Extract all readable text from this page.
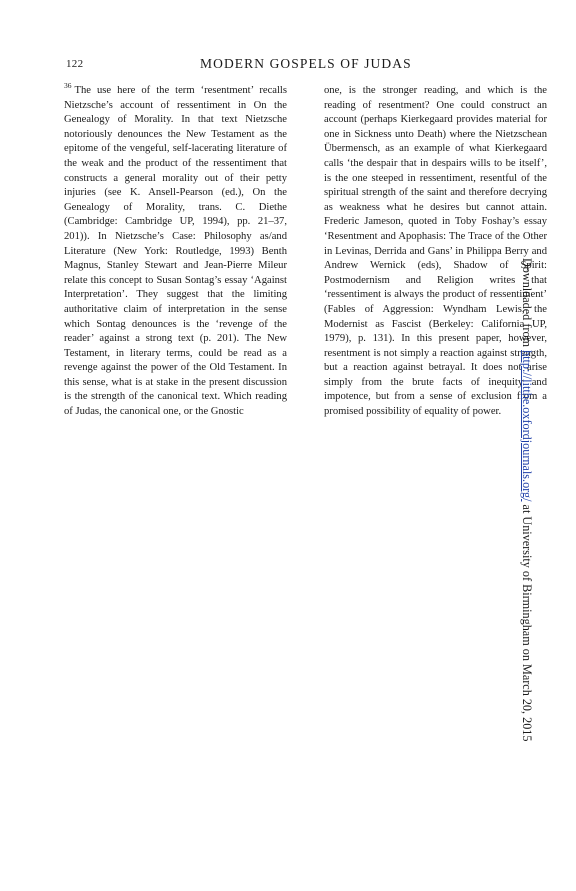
122	MODERN GOSPELS OF JUDAS

$^{36}$ The use here of the term ‘resentment’ recalls Nietzsche’s account of ressentiment in On the Genealogy of Morality. In that text Nietzsche notoriously denounces the New Testament as the epitome of the vengeful, self-lacerating literature of the weak and the product of the ressentiment that constructs a general morality out of their petty injuries (see K. Ansell-Pearson (ed.), On the Genealogy of Morality, trans. C. Diethe (Cambridge: Cambridge UP, 1994), pp. 21–37, 201)). In Nietzsche’s Case: Philosophy as/and Literature (New York: Routledge, 1993) Benth Magnus, Stanley Stewart and Jean-Pierre Mileur relate this concept to Susan Sontag’s essay ‘Against Interpretation’. They suggest that the limiting authoritative claim of interpretation in the sense which Sontag denounces is the ‘revenge of the reader’ against a strong text (p. 201). The New Testament, in literary terms, could be read as a revenge against the power of the Old Testament. In this sense, what is at stake in the present discussion is the strength of the canonical text. Which reading of Judas, the canonical one, or the Gnostic

one, is the stronger reading, and which is the reading of resentment? One could construct an account (perhaps Kierkegaard provides material for one in Sickness unto Death) where the Nietzschean Übermensch, as an example of what Kierkegaard calls ‘the despair that in despairs wills to be itself’, is the one steeped in ressentiment, resentful of the spiritual strength of the saint and therefore decrying as weakness what he desires but cannot attain. Frederic Jameson, quoted in Toby Foshay’s essay ‘Resentment and Apophasis: The Trace of the Other in Levinas, Derrida and Gans’ in Philippa Berry and Andrew Wernick (eds), Shadow of Spirit: Postmodernism and Religion writes that ‘ressentiment is always the product of ressentiment’ (Fables of Aggression: Wyndham Lewis, the Modernist as Fascist (Berkeley: California UP, 1979), p. 131). In this present paper, however, resentment is not simply a reaction against strength, but a reaction against betrayal. It does not arise simply from the brute facts of inequity and impotence, but from a sense of exclusion from a promised possibility of equality of power.

Downloaded from http://litthe.oxfordjournals.org/ at University of Birmingham on March 20, 2015
